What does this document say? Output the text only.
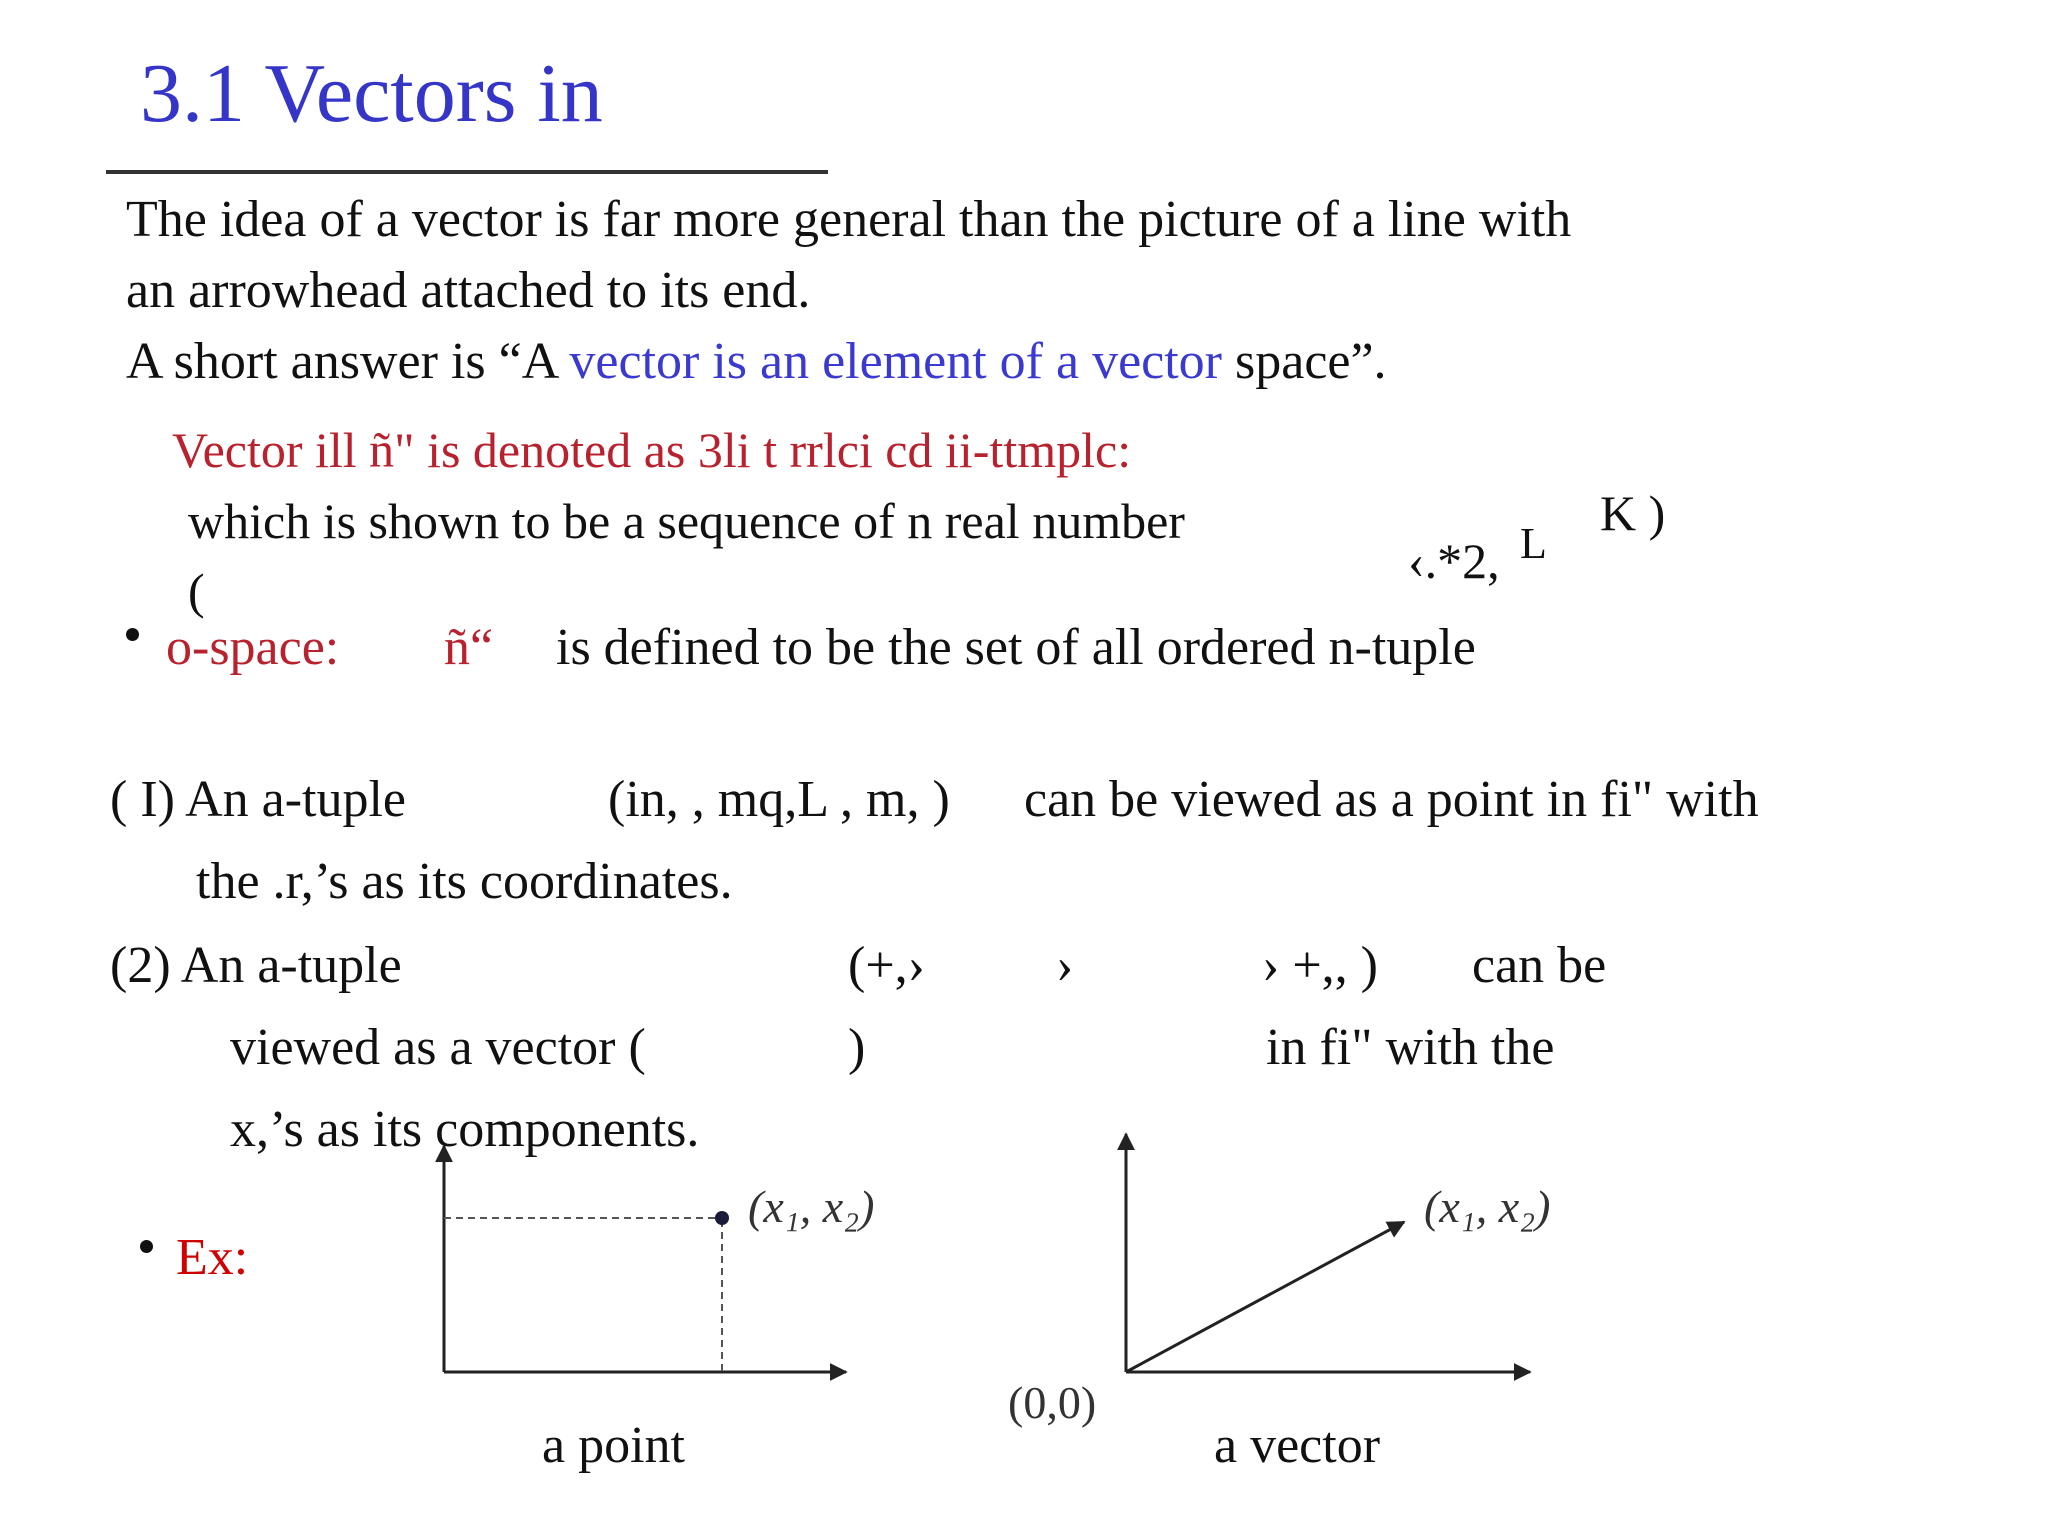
3.1 Vectors in
The idea of a vector is far more general than the picture of a line with
an arrowhead attached to its end.
A short answer is “A vector is an element of a vector space”.
Vector ill ñ" is denoted as 3li t rrlci cd ii-ttmplc:
which is shown to be a sequence of n real number
(
‹.*2, L
K )
o-space: ñ“ is defined to be the set of all ordered n-tuple
( I) An a-tuple	(in, , mq,L , m, ) can be viewed as a point in fi" with
the .r,’s as its coordinates.
(2) An a-tuple	(+,›	›	› +,, ) can be
viewed as a vector (	)	in fi" with the
x,’s as its components.
Ex:
(x₁, x₂)
a point
(0,0)
(x₁, x₂)
a vector
